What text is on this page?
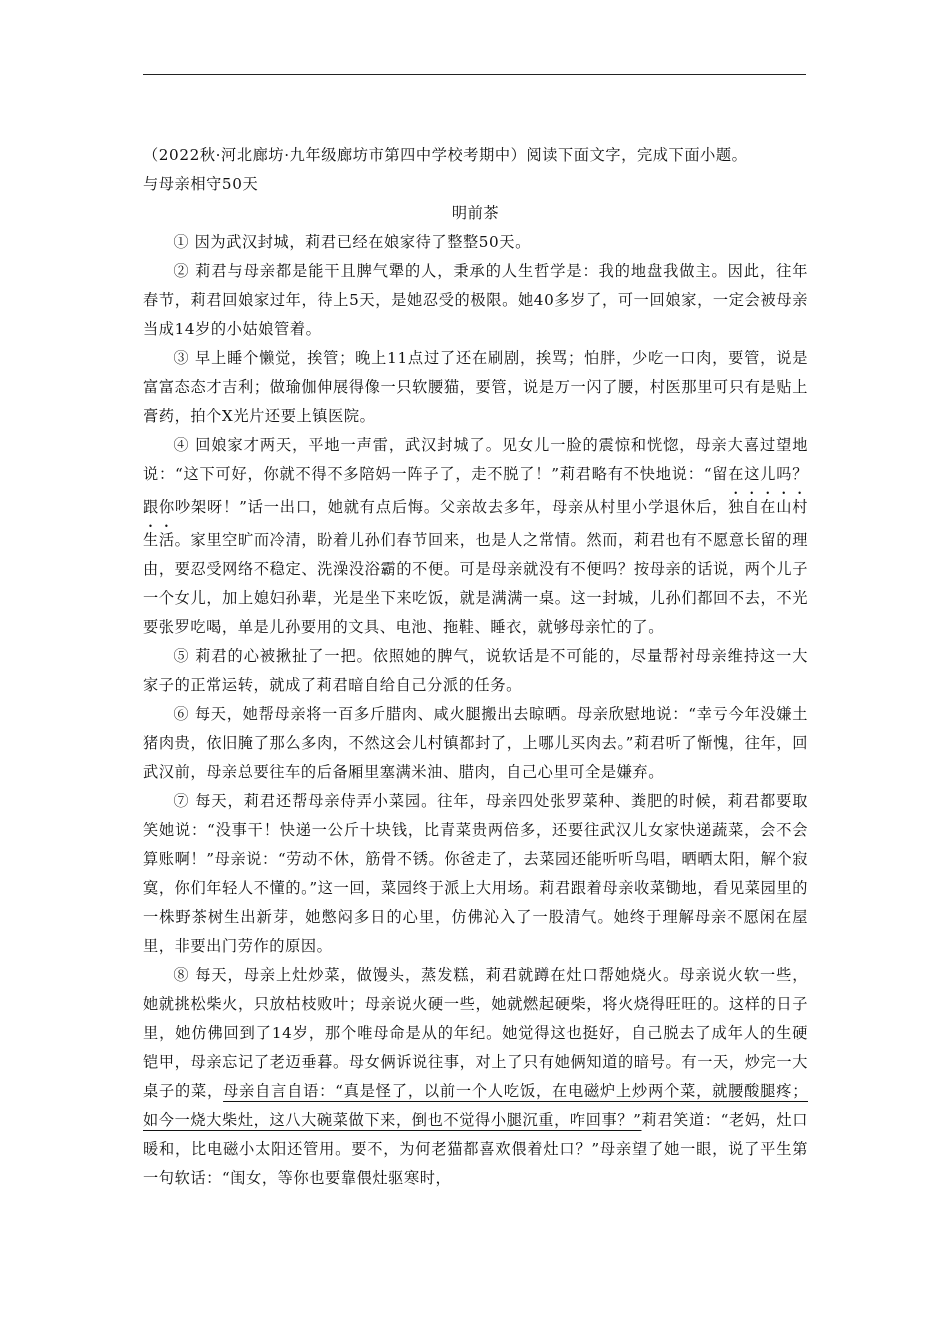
（2022秋·河北廊坊·九年级廊坊市第四中学校考期中）阅读下面文字，完成下面小题。
与母亲相守50天
明前茶

① 因为武汉封城，莉君已经在娘家待了整整50天。

② 莉君与母亲都是能干且脾气犟的人，秉承的人生哲学是：我的地盘我做主。因此，往年春节，莉君回娘家过年，待上5天，是她忍受的极限。她40多岁了，可一回娘家，一定会被母亲当成14岁的小姑娘管着。

③ 早上睡个懒觉，挨管；晚上11点过了还在刷剧，挨骂；怕胖，少吃一口肉，要管，说是富富态态才吉利；做瑜伽伸展得像一只软腰猫，要管，说是万一闪了腰，村医那里可只有是贴上膏药，拍个X光片还要上镇医院。

④ 回娘家才两天，平地一声雷，武汉封城了。见女儿一脸的震惊和恍惚，母亲大喜过望地说：“这下可好，你就不得不多陪妈一阵子了，走不脱了！”莉君略有不快地说：“留在这儿吗？跟你吵架呀！”话一出口，她就有点后悔。父亲故去多年，母亲从村里小学退休后，独自在山村生活。家里空旷而冷清，盼着儿孙们春节回来，也是人之常情。然而，莉君也有不愿意长留的理由，要忍受网络不稳定、洗澡没浴霸的不便。可是母亲就没有不便吗？按母亲的话说，两个儿子一个女儿，加上媳妇孙辈，光是坐下来吃饭，就是满满一桌。这一封城，儿孙们都回不去，不光要张罗吃喝，单是儿孙要用的文具、电池、拖鞋、睡衣，就够母亲忙的了。

⑤ 莉君的心被揪扯了一把。依照她的脾气，说软话是不可能的，尽量帮衬母亲维持这一大家子的正常运转，就成了莉君暗自给自己分派的任务。

⑥ 每天，她帮母亲将一百多斤腊肉、咸火腿搬出去晾晒。母亲欣慰地说：“幸亏今年没嫌土猪肉贵，依旧腌了那么多肉，不然这会儿村镇都封了，上哪儿买肉去。”莉君听了惭愧，往年，回武汉前，母亲总要往车的后备厢里塞满米油、腊肉，自己心里可全是嫌弃。

⑦ 每天，莉君还帮母亲侍弄小菜园。往年，母亲四处张罗菜种、粪肥的时候，莉君都要取笑她说：“没事干！快递一公斤十块钱，比青菜贵两倍多，还要往武汉儿女家快递蔬菜，会不会算账啊！”母亲说：“劳动不休，筋骨不锈。你爸走了，去菜园还能听听鸟唱，晒晒太阳，解个寂寞，你们年轻人不懂的。”这一回，菜园终于派上大用场。莉君跟着母亲收菜锄地，看见菜园里的一株野茶树生出新芽，她憋闷多日的心里，仿佛沁入了一股清气。她终于理解母亲不愿闲在屋里，非要出门劳作的原因。

⑧ 每天，母亲上灶炒菜，做馒头，蒸发糕，莉君就蹲在灶口帮她烧火。母亲说火软一些，她就挑松柴火，只放枯枝败叶；母亲说火硬一些，她就燃起硬柴，将火烧得旺旺的。这样的日子里，她仿佛回到了14岁，那个唯母命是从的年纪。她觉得这也挺好，自己脱去了成年人的生硬铠甲，母亲忘记了老迈垂暮。母女俩诉说往事，对上了只有她俩知道的暗号。有一天，炒完一大桌子的菜，母亲自言自语：“真是怪了，以前一个人吃饭，在电磁炉上炒两个菜，就腰酸腿疼；如今一烧大柴灶，这八大碗菜做下来，倒也不觉得小腿沉重，咋回事？”莉君笑道：“老妈，灶口暖和，比电磁小太阳还管用。要不，为何老猫都喜欢偎着灶口？”母亲望了她一眼，说了平生第一句软话：“闺女，等你也要靠偎灶驱寒时，
